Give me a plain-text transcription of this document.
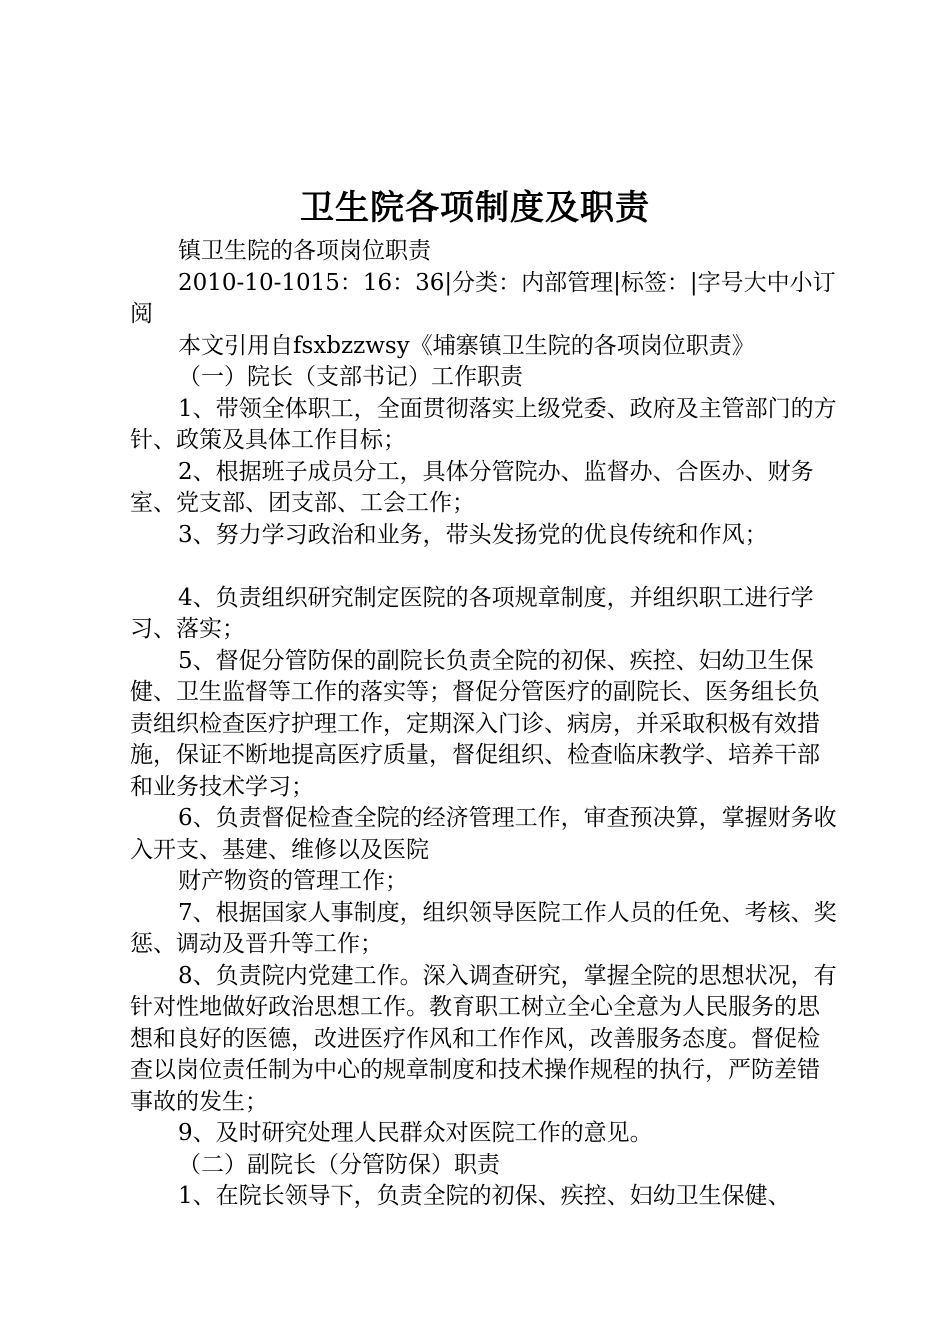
卫生院各项制度及职责

镇卫生院的各项岗位职责

2010-10-1015：16：36|分类：内部管理|标签：|字号大中小订阅

本文引用自fsxbzzwsy《埔寨镇卫生院的各项岗位职责》

（一）院长（支部书记）工作职责

1、带领全体职工，全面贯彻落实上级党委、政府及主管部门的方针、政策及具体工作目标；

2、根据班子成员分工，具体分管院办、监督办、合医办、财务室、党支部、团支部、工会工作；

3、努力学习政治和业务，带头发扬党的优良传统和作风；

4、负责组织研究制定医院的各项规章制度，并组织职工进行学习、落实；

5、督促分管防保的副院长负责全院的初保、疾控、妇幼卫生保健、卫生监督等工作的落实等；督促分管医疗的副院长、医务组长负责组织检查医疗护理工作，定期深入门诊、病房，并采取积极有效措施，保证不断地提高医疗质量，督促组织、检查临床教学、培养干部和业务技术学习；

6、负责督促检查全院的经济管理工作，审查预决算，掌握财务收入开支、基建、维修以及医院

财产物资的管理工作；

7、根据国家人事制度，组织领导医院工作人员的任免、考核、奖惩、调动及晋升等工作；

8、负责院内党建工作。深入调查研究，掌握全院的思想状况，有针对性地做好政治思想工作。教育职工树立全心全意为人民服务的思想和良好的医德，改进医疗作风和工作作风，改善服务态度。督促检查以岗位责任制为中心的规章制度和技术操作规程的执行，严防差错事故的发生；

9、及时研究处理人民群众对医院工作的意见。

（二）副院长（分管防保）职责

1、在院长领导下，负责全院的初保、疾控、妇幼卫生保健、
